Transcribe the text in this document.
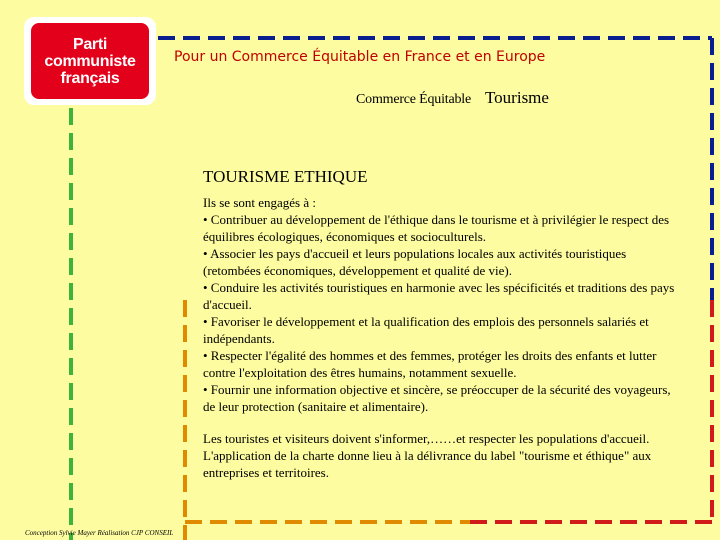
Parti
communiste
français
Pour un Commerce Équitable en France et en Europe
Commerce Équitable Tourisme
TOURISME ETHIQUE

Ils se sont engagés à :

• Contribuer au développement de l'éthique dans le tourisme et à privilégier le respect des équilibres écologiques, économiques et socioculturels.

• Associer les pays d'accueil et leurs populations locales aux activités touristiques (retombées économiques, développement et qualité de vie).

• Conduire les activités touristiques en harmonie avec les spécificités et traditions des pays d'accueil.

• Favoriser le développement et la qualification des emplois des personnels salariés et indépendants.

• Respecter l'égalité des hommes et des femmes, protéger les droits des enfants et lutter contre l'exploitation des êtres humains, notamment sexuelle.

• Fournir une information objective et sincère, se préoccuper de la sécurité des voyageurs, de leur protection (sanitaire et alimentaire).

Les touristes et visiteurs doivent s'informer,……et respecter les populations d'accueil.

L'application de la charte donne lieu à la délivrance du label "tourisme et éthique" aux entreprises et territoires.

Conception Sylvie Mayer Réalisation CJP CONSEIL
